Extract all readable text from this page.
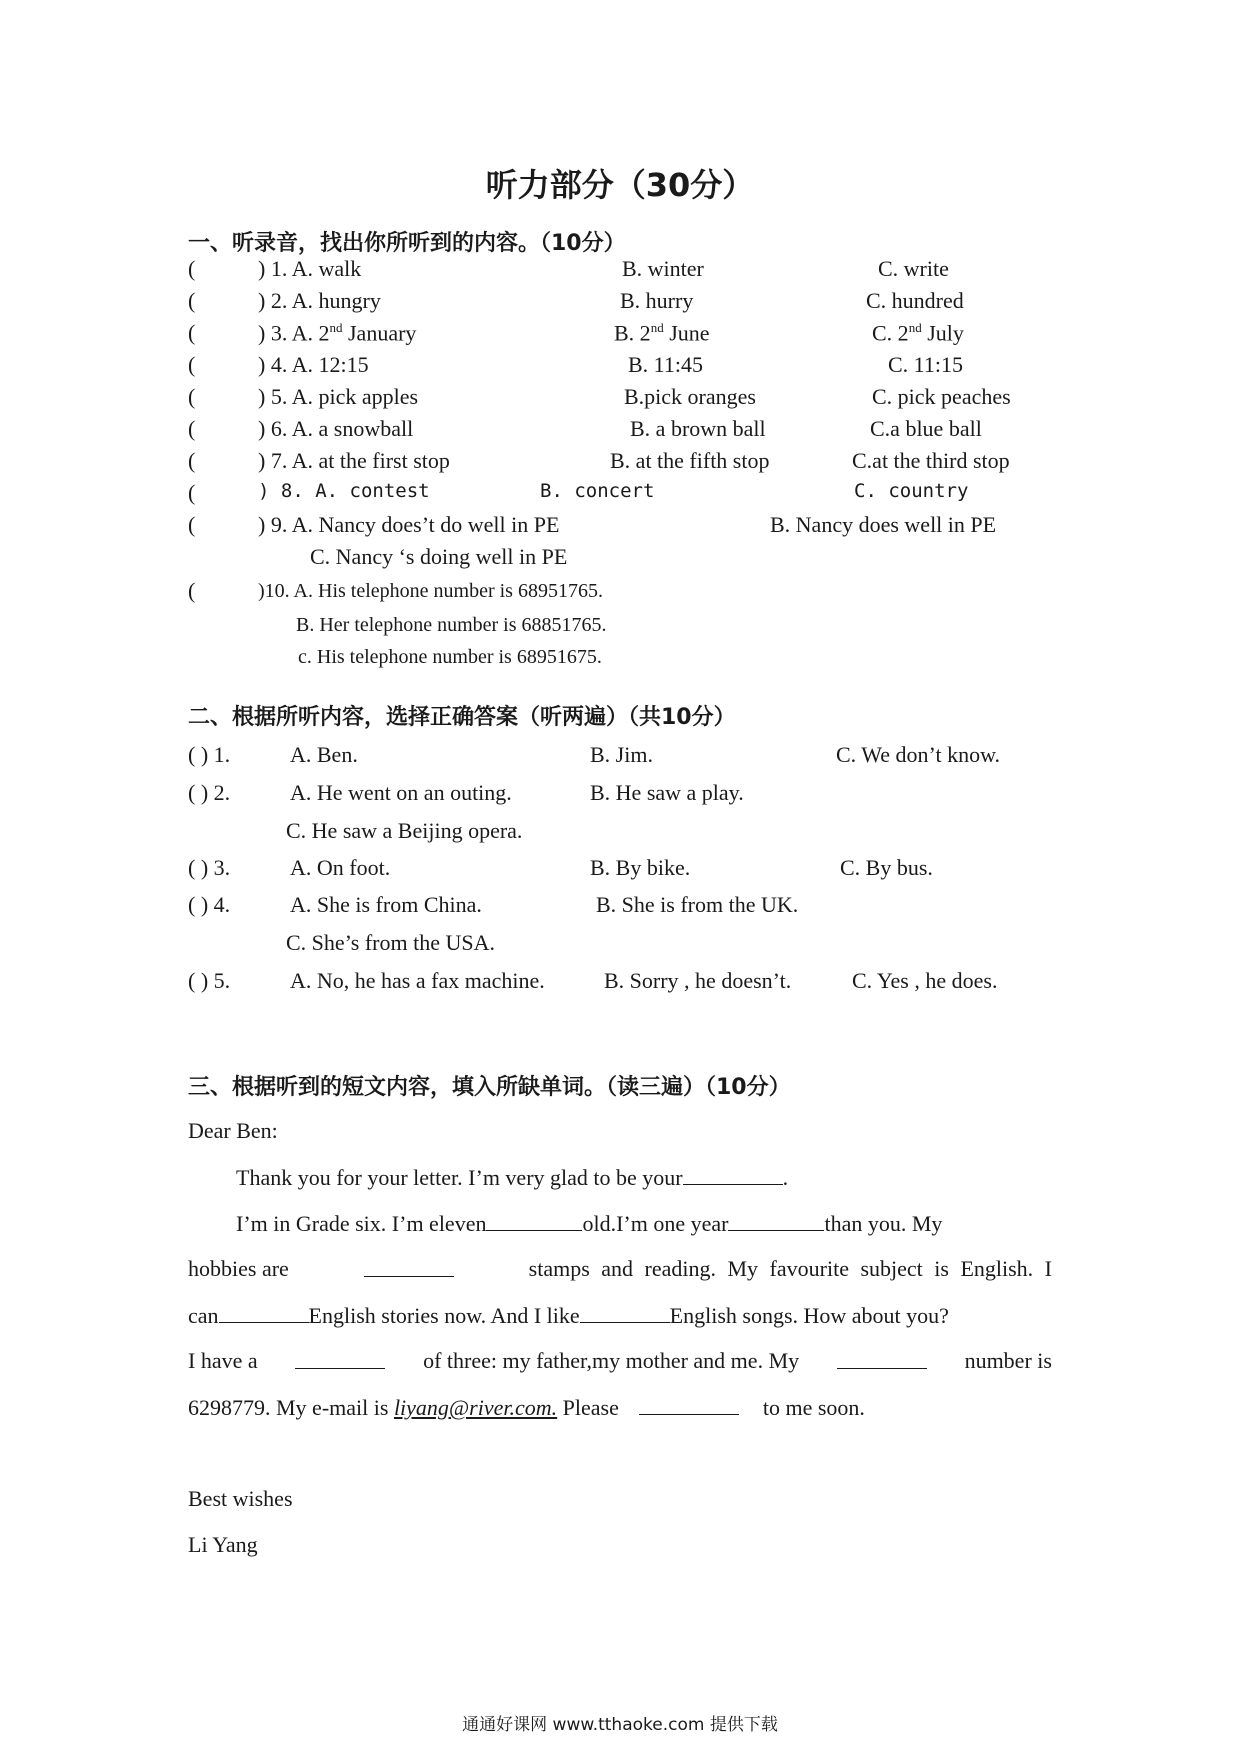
听力部分（30分）
一、听录音，找出你所听到的内容。（10分）
(	) 1. A. walk	B. winter	C. write
(	) 2. A. hungry	B. hurry	C. hundred
(	) 3. A. 2nd January	B. 2nd June	C. 2nd July
(	) 4. A. 12:15	B. 11:45	C. 11:15
(	) 5. A. pick apples	B.pick oranges	C. pick peaches
(	) 6. A. a snowball	B. a brown ball	C.a blue ball
(	) 7. A. at the first stop	B. at the fifth stop	C.at the third stop
(	) 8. A. contest	B. concert	C. country
(	) 9. A. Nancy does’t do well in PE	B. Nancy does well in PE
C. Nancy ‘s doing well in PE
(	)10. A. His telephone number is 68951765.
B. Her telephone number is 68851765.
c. His telephone number is 68951675.
二、根据所听内容，选择正确答案（听两遍）（共10分）
( ) 1.	A. Ben.	B. Jim.	C. We don’t know.
( ) 2.	A. He went on an outing.	B. He saw a play.
C. He saw a Beijing opera.
( ) 3.	A. On foot.	B. By bike.	C. By bus.
( ) 4.	A. She is from China.	B. She is from the UK.
C. She’s from the USA.
( ) 5.	A. No, he has a fax machine.	B. Sorry , he doesn’t.	C. Yes , he does.
三、根据听到的短文内容，填入所缺单词。（读三遍）（10分）
Dear Ben:
Thank you for your letter. I’m very glad to be your	.
I’m in Grade six. I’m eleven	old.I’m one year	than you. My
hobbies are	stamps and reading. My favourite subject is English. I
can	English stories now. And I like	English songs. How about you?
I have a	of three: my father,my mother and me. My	number is
6298779. My e-mail is liyang@river.com. Please	to me soon.
Best wishes
Li Yang
通通好课网 www.tthaoke.com 提供下载
